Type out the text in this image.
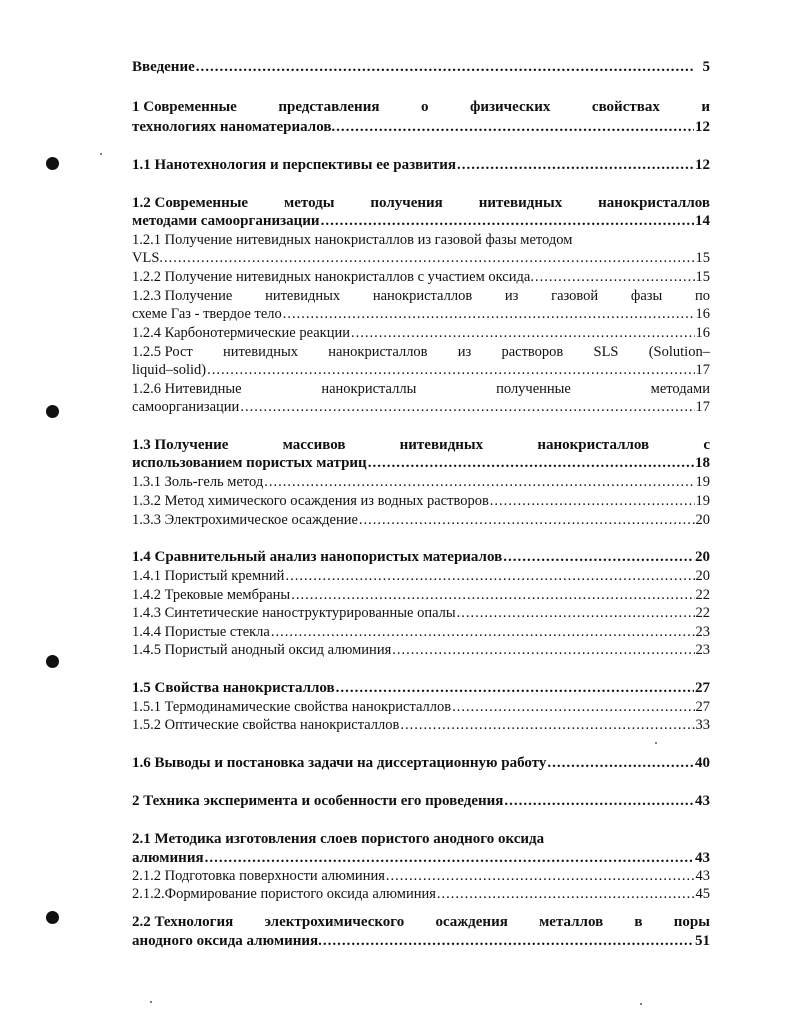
Введение .....	5
1 Современные	представления	о	физических	свойствах	и
технологиях наноматериалов. .....	12
1.1 Нанотехнология и перспективы ее развития .....	12
1.2 Современные методы получения нитевидных нанокристаллов
методами самоорганизации .....	14
1.2.1 Получение нитевидных нанокристаллов из газовой фазы методом
VLS. .....	15
1.2.2 Получение нитевидных нанокристаллов с участием оксида. .....	15
1.2.3 Получение нитевидных нанокристаллов из газовой фазы по
схеме Газ - твердое тело .....	16
1.2.4 Карбонотермические реакции .....	16
1.2.5 Рост нитевидных нанокристаллов из растворов SLS (Solution–
liquid–solid) .....	17
1.2.6 Нитевидные	нанокристаллы	полученные	методами
самоорганизации .....	17
1.3 Получение	массивов	нитевидных	нанокристаллов	с
использованием пористых матриц .....	18
1.3.1 Золь-гель метод .....	19
1.3.2 Метод химического осаждения из водных растворов .....	19
1.3.3 Электрохимическое осаждение .....	20
1.4 Сравнительный анализ нанопористых материалов .....	20
1.4.1 Пористый кремний .....	20
1.4.2 Трековые мембраны .....	22
1.4.3 Синтетические наноструктурированные опалы .....	22
1.4.4 Пористые стекла .....	23
1.4.5 Пористый анодный оксид алюминия .....	23
1.5 Свойства нанокристаллов .....	27
1.5.1 Термодинамические свойства нанокристаллов .....	27
1.5.2 Оптические свойства нанокристаллов .....	33
1.6 Выводы и постановка задачи на диссертационную работу .....	40
2 Техника эксперимента и особенности его проведения .....	43
2.1 Методика изготовления слоев пористого анодного оксида
алюминия .....	43
2.1.2 Подготовка поверхности алюминия .....	43
2.1.2.Формирование пористого оксида алюминия .....	45
2.2 Технология электрохимического осаждения металлов в поры
анодного оксида алюминия. .....	51
